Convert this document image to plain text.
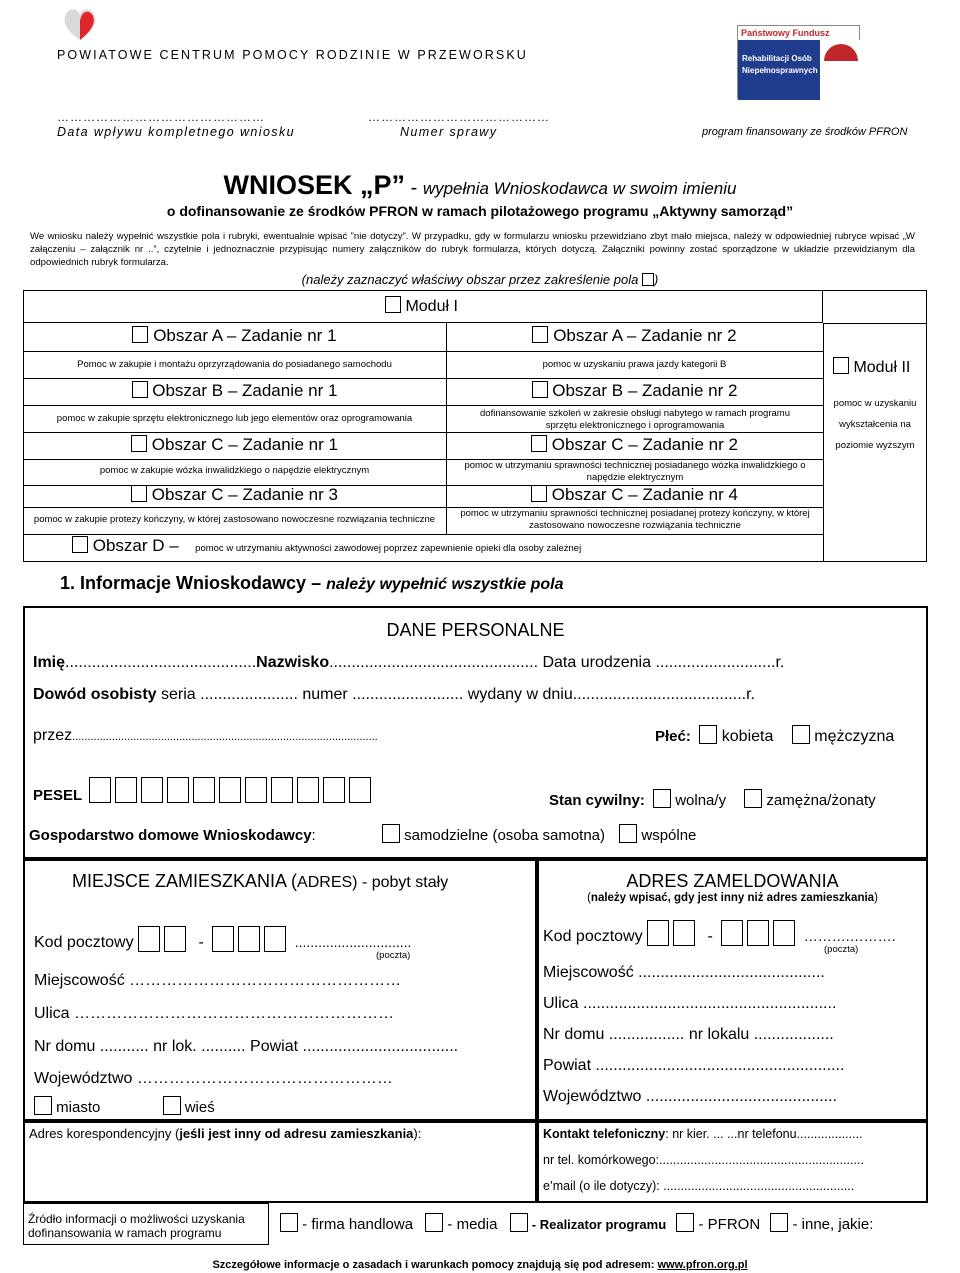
POWIATOWE CENTRUM POMOCY RODZINIE W PRZEWORSKU
Państwowy Fundusz
Rehabilitacji Osób
Niepełnosprawnych
…………………………………………	……………………………………
Data wpływu kompletnego wniosku	Numer sprawy	program finansowany ze środków PFRON
WNIOSEK „P” - wypełnia Wnioskodawca w swoim imieniu
o dofinansowanie ze środków PFRON w ramach pilotażowego programu „Aktywny samorząd”
We wniosku należy wypełnić wszystkie pola i rubryki, ewentualnie wpisać ”nie dotyczy”. W przypadku, gdy w formularzu wniosku przewidziano zbyt mało miejsca, należy w odpowiedniej rubryce wpisać „W załączeniu – załącznik nr ..”, czytelnie i jednoznacznie przypisując numery załączników do rubryk formularza, których dotyczą. Załączniki powinny zostać sporządzone w układzie przewidzianym dla odpowiednich rubryk formularza.
(należy zaznaczyć właściwy obszar przez zakreślenie pola )
Moduł I
Moduł II
pomoc w uzyskaniu
wykształcenia na
poziomie wyższym
Obszar A – Zadanie nr 1
Pomoc w zakupie i montażu oprzyrządowania do posiadanego samochodu
Obszar A – Zadanie nr 2
pomoc w uzyskaniu prawa jazdy kategorii B
Obszar B – Zadanie nr 1
pomoc w zakupie sprzętu elektronicznego lub jego elementów oraz oprogramowania
Obszar B – Zadanie nr 2
dofinansowanie szkoleń w zakresie obsługi nabytego w ramach programu sprzętu elektronicznego i oprogramowania
Obszar C – Zadanie nr 1
pomoc w zakupie wózka inwalidzkiego o napędzie elektrycznym
Obszar C – Zadanie nr 2
pomoc w utrzymaniu sprawności technicznej posiadanego wózka inwalidzkiego o napędzie elektrycznym
Obszar C – Zadanie nr 3
pomoc w zakupie protezy kończyny, w której zastosowano nowoczesne rozwiązania techniczne
Obszar C – Zadanie nr 4
pomoc w utrzymaniu sprawności technicznej posiadanej protezy kończyny, w której zastosowano nowoczesne rozwiązania techniczne
Obszar D – pomoc w utrzymaniu aktywności zawodowej poprzez zapewnienie opieki dla osoby zależnej
1. Informacje Wnioskodawcy – należy wypełnić wszystkie pola
DANE PERSONALNE
Imię...........................................Nazwisko............................................... Data urodzenia ...........................r.
Dowód osobisty seria ...................... numer ......................... wydany w dniu.......................................r.
przez....................................................................................................	Płeć: kobieta	mężczyzna
PESEL	Stan cywilny: wolna/y	zamężna/żonaty
Gospodarstwo domowe Wnioskodawcy:	samodzielne (osoba samotna) wspólne
MIEJSCE ZAMIESZKANIA (ADRES) - pobyt stały
Kod pocztowy	-	..............................
(poczta)
Miejscowość ……………………………………………
Ulica ……………………………………………………
Nr domu ........... nr lok. .......... Powiat ...................................
Województwo …………………………………………
miasto	wieś
ADRES ZAMELDOWANIA
(należy wpisać, gdy jest inny niż adres zamieszkania)
Kod pocztowy	-	……….……….
(poczta)
Miejscowość ..........................................
Ulica .........................................................
Nr domu ................. nr lokalu ..................
Powiat ........................................................
Województwo ...........................................
Adres korespondencyjny (jeśli jest inny od adresu zamieszkania):	Kontakt telefoniczny: nr kier. ... ...nr telefonu...................
nr tel. komórkowego:...........................................................
e’mail (o ile dotyczy): .......................................................
Źródło informacji o możliwości uzyskania dofinansowania w ramach programu	- firma handlowa - media	- Realizator programu - PFRON - inne, jakie:
Szczegółowe informacje o zasadach i warunkach pomocy znajdują się pod adresem: www.pfron.org.pl
